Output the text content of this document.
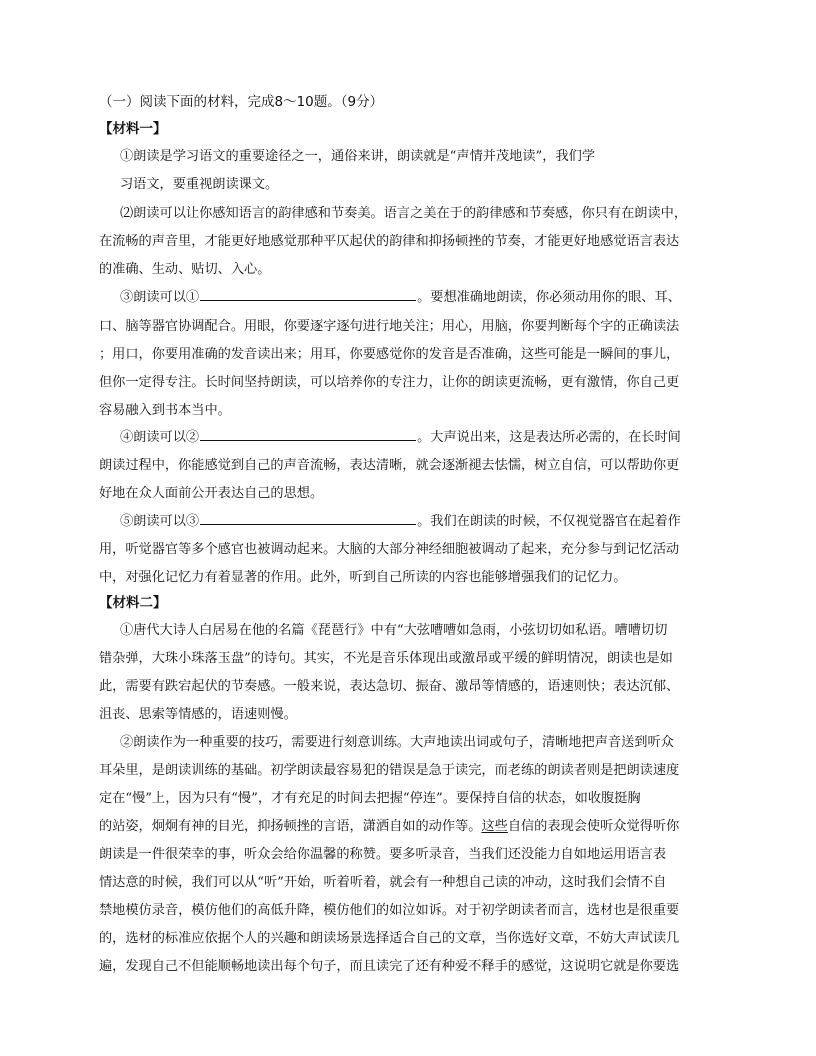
（一）阅读下面的材料，完成8～10题。（9分）
【材料一】
①朗读是学习语文的重要途径之一，通俗来讲，朗读就是“声情并茂地读”，我们学
习语文，要重视朗读课文。
⑵朗读可以让你感知语言的韵律感和节奏美。语言之美在于的韵律感和节奏感，你只有在朗读中，
在流畅的声音里，才能更好地感觉那种平仄起伏的韵律和抑扬顿挫的节奏，才能更好地感觉语言表达
的准确、生动、贴切、入心。
③朗读可以①	。要想准确地朗读，你必须动用你的眼、耳、
口、脑等器官协调配合。用眼，你要逐字逐句进行地关注；用心，用脑，你要判断每个字的正确读法
；用口，你要用准确的发音读出来；用耳，你要感觉你的发音是否准确，这些可能是一瞬间的事儿，
但你一定得专注。长时间坚持朗读，可以培养你的专注力，让你的朗读更流畅，更有激情，你自己更
容易融入到书本当中。
④朗读可以②	。大声说出来，这是表达所必需的，在长时间
朗读过程中，你能感觉到自己的声音流畅，表达清晰，就会逐渐褪去怯懦，树立自信，可以帮助你更
好地在众人面前公开表达自己的思想。
⑤朗读可以③	。我们在朗读的时候，不仅视觉器官在起着作
用，听觉器官等多个感官也被调动起来。大脑的大部分神经细胞被调动了起来，充分参与到记忆活动
中，对强化记忆力有着显著的作用。此外，听到自己所读的内容也能够增强我们的记忆力。
【材料二】
①唐代大诗人白居易在他的名篇《琵琶行》中有“大弦嘈嘈如急雨，小弦切切如私语。嘈嘈切切
错杂弹，大珠小珠落玉盘”的诗句。其实，不光是音乐体现出或激昂或平缓的鲜明情况，朗读也是如
此，需要有跌宕起伏的节奏感。一般来说，表达急切、振奋、激昂等情感的，语速则快；表达沉郁、
沮丧、思索等情感的，语速则慢。
②朗读作为一种重要的技巧，需要进行刻意训练。大声地读出词或句子，清晰地把声音送到听众
耳朵里，是朗读训练的基础。初学朗读最容易犯的错误是急于读完，而老练的朗读者则是把朗读速度
定在“慢”上，因为只有“慢”，才有充足的时间去把握“停连”。要保持自信的状态，如收腹挺胸
的站姿，炯炯有神的目光，抑扬顿挫的言语，潇洒自如的动作等。这些自信的表现会使听众觉得听你
朗读是一件很荣幸的事，听众会给你温馨的称赞。要多听录音，当我们还没能力自如地运用语言表
情达意的时候，我们可以从“听”开始，听着听着，就会有一种想自己读的冲动，这时我们会情不自
禁地模仿录音，模仿他们的高低升降，模仿他们的如泣如诉。对于初学朗读者而言，选材也是很重要
的，选材的标准应依据个人的兴趣和朗读场景选择适合自己的文章，当你选好文章，不妨大声试读几
遍，发现自己不但能顺畅地读出每个句子，而且读完了还有种爱不释手的感觉，这说明它就是你要选
